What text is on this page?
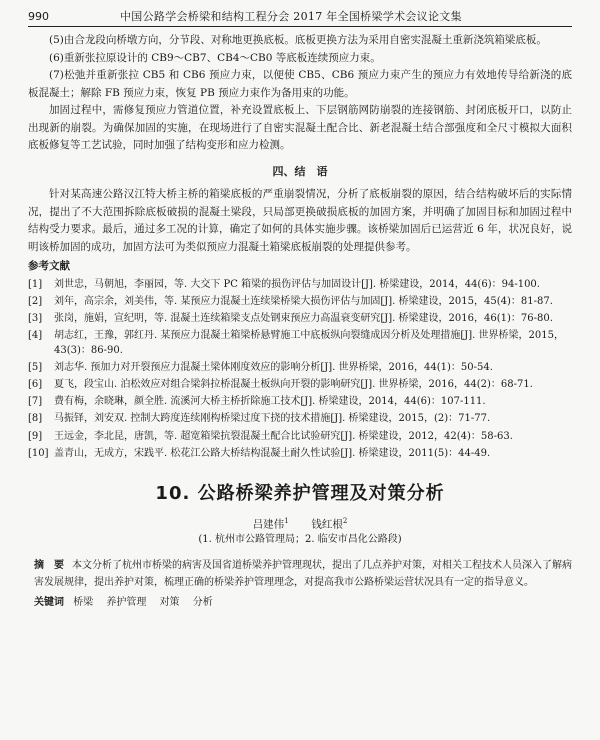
990	中国公路学会桥梁和结构工程分会 2017 年全国桥梁学术会议论文集

(5)由合龙段向桥墩方向，分节段、对称地更换底板。底板更换方法为采用自密实混凝土重新浇筑箱梁底板。

(6)重新张拉原设计的 CB9～CB7、CB4～CB0 等底板连续预应力束。

(7)松弛并重新张拉 CB5 和 CB6 预应力束，以便使 CB5、CB6 预应力束产生的预应力有效地传导给新浇的底板混凝土；解除 FB 预应力束，恢复 PB 预应力束作为备用束的功能。

加固过程中，需修复预应力管道位置，补充设置底板上、下层钢筋网防崩裂的连接钢筋、封闭底板开口，以防止出现新的崩裂。为确保加固的实施，在现场进行了自密实混凝土配合比、新老混凝土结合部强度和全尺寸模拟大面积底板修复等工艺试验，同时加强了结构变形和应力检测。

四、结　语

针对某高速公路汉江特大桥主桥的箱梁底板的严重崩裂情况，分析了底板崩裂的原因，结合结构破坏后的实际情况，提出了不大范围拆除底板破损的混凝土梁段，只局部更换破损底板的加固方案，并明确了加固目标和加固过程中结构受力要求。最后，通过多工况的计算，确定了如何的具体实施步骤。该桥梁加固后已运营近 6 年，状况良好，说明该桥加固的成功，加固方法可为类似预应力混凝土箱梁底板崩裂的处理提供参考。

参考文献
[1]	刘世忠，马朝旭，李丽园，等. 大交下 PC 箱梁的损伤评估与加固设计[J]. 桥梁建设，2014，44(6)：94-100.
[2]	刘年，高宗余，刘美伟，等. 某预应力混凝土连续梁桥梁大损伤评估与加固[J]. 桥梁建设，2015，45(4)：81-87.
[3]	张岗，施娟，宣纪明，等. 混凝土连续箱梁支点处钢束预应力高温衰变研究[J]. 桥梁建设，2016，46(1)：76-80.
[4]	胡志红，王豫，郭红丹. 某预应力混凝土箱梁桥悬臂施工中底板纵向裂缝成因分析及处理措施[J]. 世界桥梁，2015，43(3)：86-90.
[5]	刘志华. 预加力对开裂预应力混凝土梁体刚度效应的影响分析[J]. 世界桥梁，2016，44(1)：50-54.
[6]	夏飞，段宝山. 泊松效应对组合梁斜拉桥混凝土板纵向开裂的影响研究[J]. 世界桥梁，2016，44(2)：68-71.
[7]	费有梅，余晓琳，颜全胜. 流溪河大桥主桥折除施工技术[J]. 桥梁建设，2014，44(6)：107-111.
[8]	马振铎，刘安双. 控制大跨度连续刚构桥梁过度下挠的技术措施[J]. 桥梁建设，2015，(2)：71-77.
[9]	王远金，李北昆，唐凯，等. 超宽箱梁抗裂混凝土配合比试验研究[J]. 桥梁建设，2012，42(4)：58-63.
[10] 盖青山，无成方，宋践平. 松花江公路大桥结构混凝土耐久性试验[J]. 桥梁建设，2011(5)：44-49.
10. 公路桥梁养护管理及对策分析
吕建伟$^1$ 钱红根$^2$
(1. 杭州市公路管理局；2. 临安市昌化公路段)
摘　要 本文分析了杭州市桥梁的病害及国省道桥梁养护管理现状，提出了几点养护对策，对相关工程技术人员深入了解病害发展规律，提出养护对策，梳理正确的桥梁养护管理理念，对提高我市公路桥梁运营状况具有一定的指导意义。
关键词 桥梁 养护管理 对策 分析
